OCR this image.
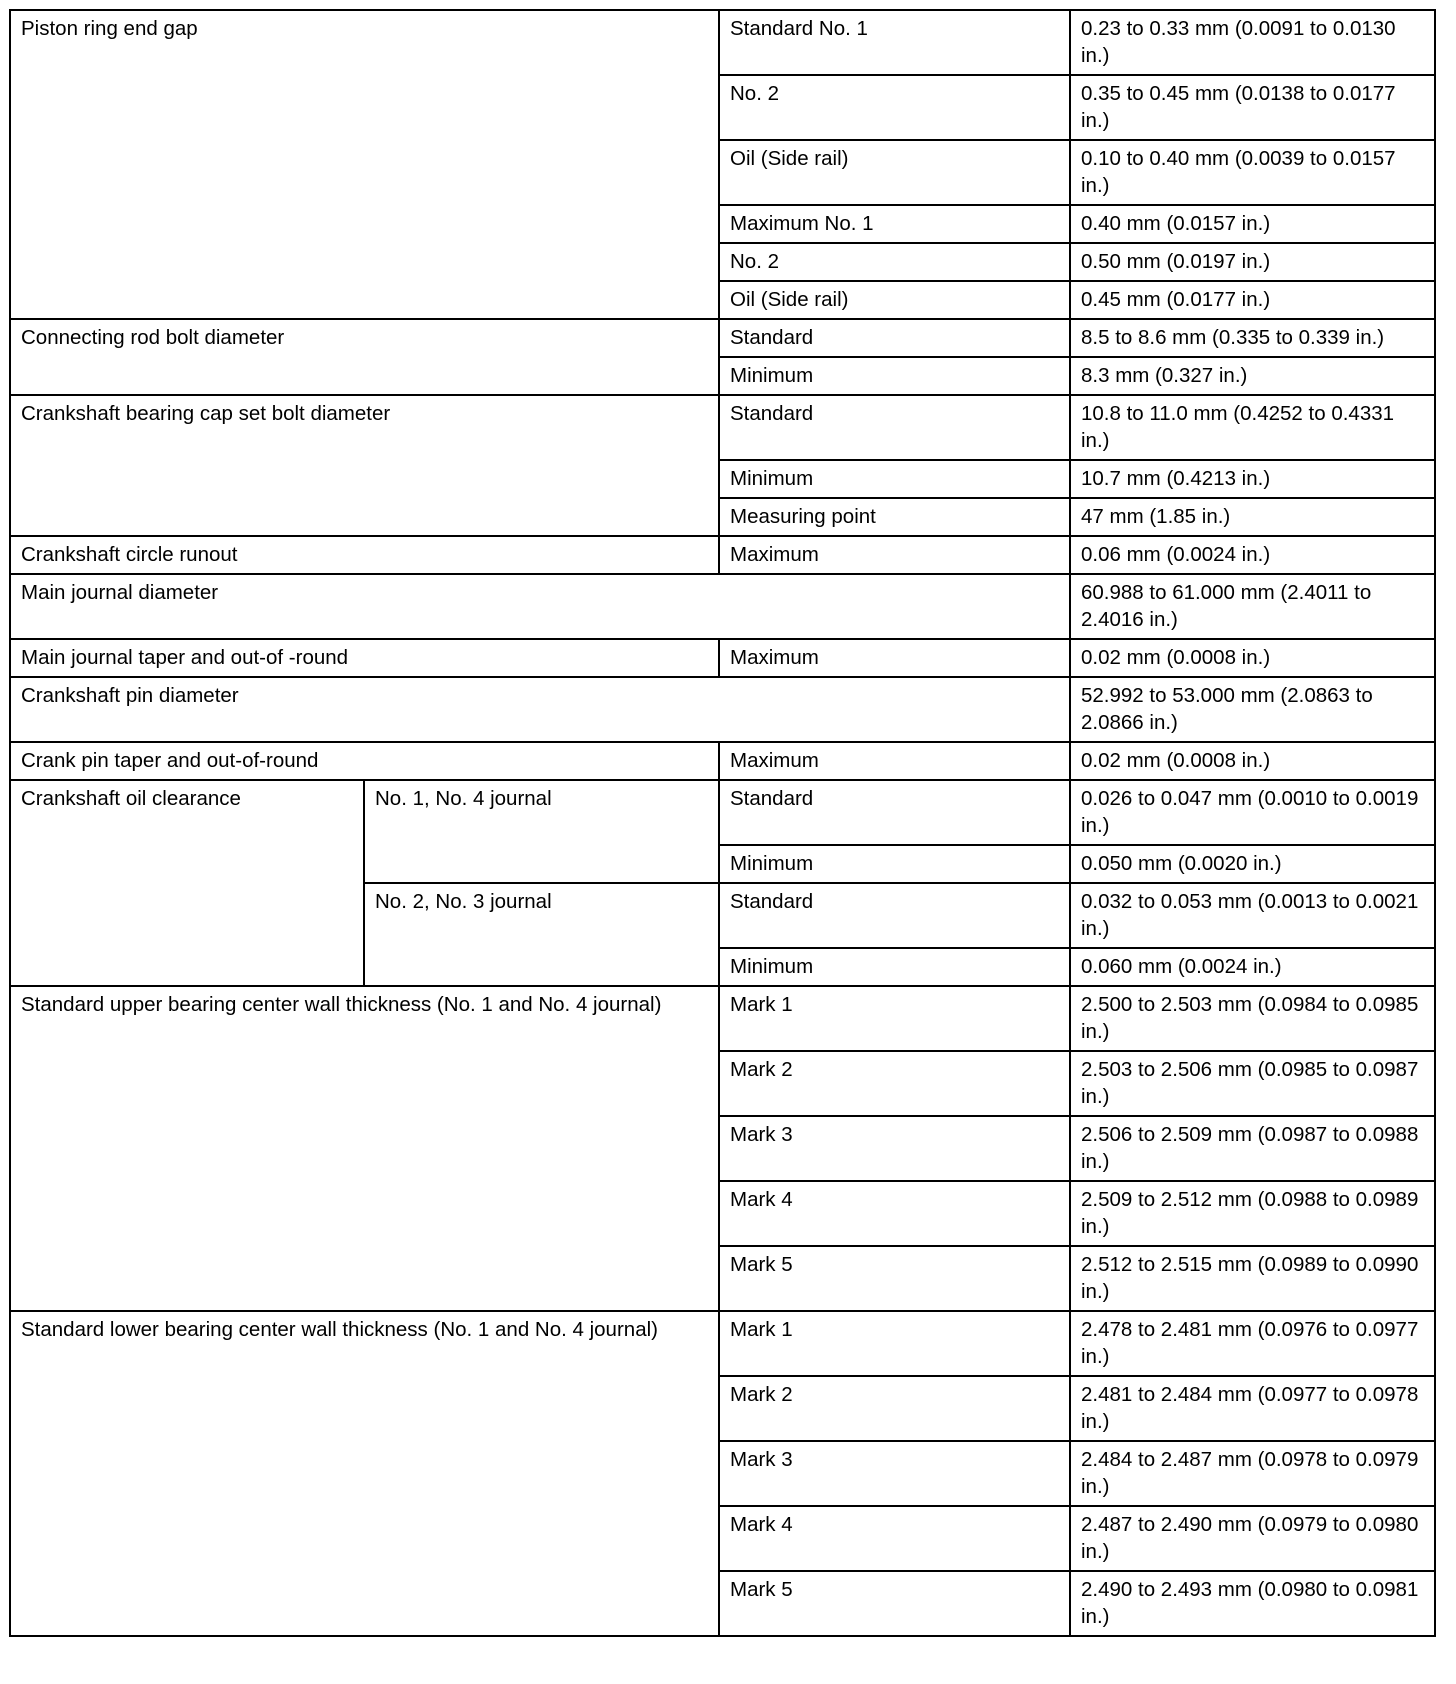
Piston ring end gap		Standard No. 1	0.23 to 0.33 mm (0.0091 to 0.0130 in.)
		No. 2	0.35 to 0.45 mm (0.0138 to 0.0177 in.)
		Oil (Side rail)	0.10 to 0.40 mm (0.0039 to 0.0157 in.)
		Maximum No. 1	0.40 mm (0.0157 in.)
		No. 2	0.50 mm (0.0197 in.)
		Oil (Side rail)	0.45 mm (0.0177 in.)
Connecting rod bolt diameter		Standard	8.5 to 8.6 mm (0.335 to 0.339 in.)
		Minimum	8.3 mm (0.327 in.)
Crankshaft bearing cap set bolt diameter		Standard	10.8 to 11.0 mm (0.4252 to 0.4331 in.)
		Minimum	10.7 mm (0.4213 in.)
		Measuring point	47 mm (1.85 in.)
Crankshaft circle runout		Maximum	0.06 mm (0.0024 in.)
Main journal diameter			60.988 to 61.000 mm (2.4011 to 2.4016 in.)
Main journal taper and out-of -round		Maximum	0.02 mm (0.0008 in.)
Crankshaft pin diameter			52.992 to 53.000 mm (2.0863 to 2.0866 in.)
Crank pin taper and out-of-round		Maximum	0.02 mm (0.0008 in.)
Crankshaft oil clearance	No. 1, No. 4 journal	Standard	0.026 to 0.047 mm (0.0010 to 0.0019 in.)
		Minimum	0.050 mm (0.0020 in.)
	No. 2, No. 3 journal	Standard	0.032 to 0.053 mm (0.0013 to 0.0021 in.)
		Minimum	0.060 mm (0.0024 in.)
Standard upper bearing center wall thickness (No. 1 and No. 4 journal)		Mark 1	2.500 to 2.503 mm (0.0984 to 0.0985 in.)
		Mark 2	2.503 to 2.506 mm (0.0985 to 0.0987 in.)
		Mark 3	2.506 to 2.509 mm (0.0987 to 0.0988 in.)
		Mark 4	2.509 to 2.512 mm (0.0988 to 0.0989 in.)
		Mark 5	2.512 to 2.515 mm (0.0989 to 0.0990 in.)
Standard lower bearing center wall thickness (No. 1 and No. 4 journal)		Mark 1	2.478 to 2.481 mm (0.0976 to 0.0977 in.)
		Mark 2	2.481 to 2.484 mm (0.0977 to 0.0978 in.)
		Mark 3	2.484 to 2.487 mm (0.0978 to 0.0979 in.)
		Mark 4	2.487 to 2.490 mm (0.0979 to 0.0980 in.)
		Mark 5	2.490 to 2.493 mm (0.0980 to 0.0981 in.)
